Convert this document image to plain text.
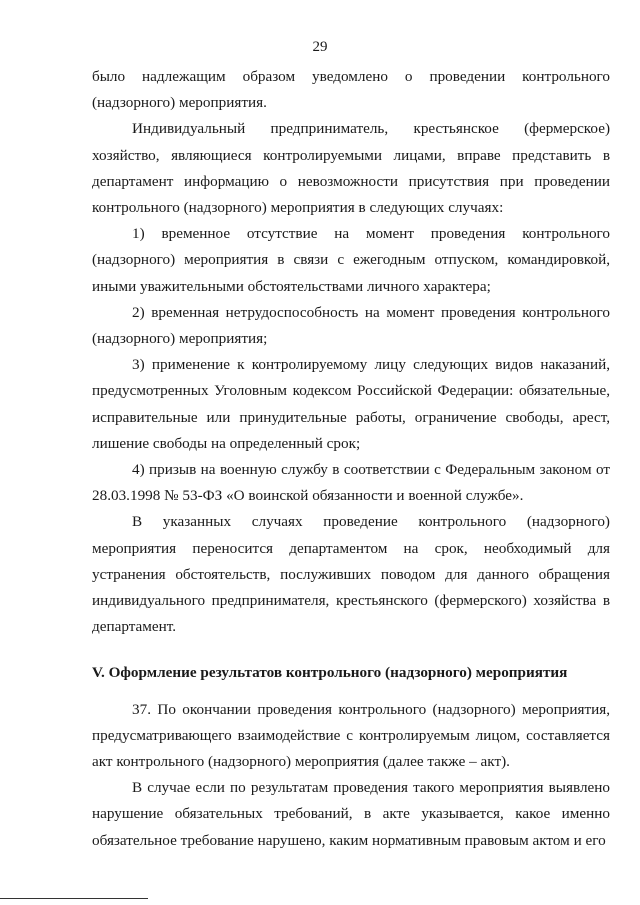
29

было надлежащим образом уведомлено о проведении контрольного (надзорного) мероприятия.

Индивидуальный предприниматель, крестьянское (фермерское) хозяйство, являющиеся контролируемыми лицами, вправе представить в департамент информацию о невозможности присутствия при проведении контрольного (надзорного) мероприятия в следующих случаях:

1) временное отсутствие на момент проведения контрольного (надзорного) мероприятия в связи с ежегодным отпуском, командировкой, иными уважительными обстоятельствами личного характера;

2) временная нетрудоспособность на момент проведения контрольного (надзорного) мероприятия;

3) применение к контролируемому лицу следующих видов наказаний, предусмотренных Уголовным кодексом Российской Федерации: обязательные, исправительные или принудительные работы, ограничение свободы, арест, лишение свободы на определенный срок;

4) призыв на военную службу в соответствии с Федеральным законом от 28.03.1998 № 53-ФЗ «О воинской обязанности и военной службе».

В указанных случаях проведение контрольного (надзорного) мероприятия переносится департаментом на срок, необходимый для устранения обстоятельств, послуживших поводом для данного обращения индивидуального предпринимателя, крестьянского (фермерского) хозяйства в департамент.

V. Оформление результатов контрольного (надзорного) мероприятия

37. По окончании проведения контрольного (надзорного) мероприятия, предусматривающего взаимодействие с контролируемым лицом, составляется акт контрольного (надзорного) мероприятия (далее также – акт).

В случае если по результатам проведения такого мероприятия выявлено нарушение обязательных требований, в акте указывается, какое именно обязательное требование нарушено, каким нормативным правовым актом и его
